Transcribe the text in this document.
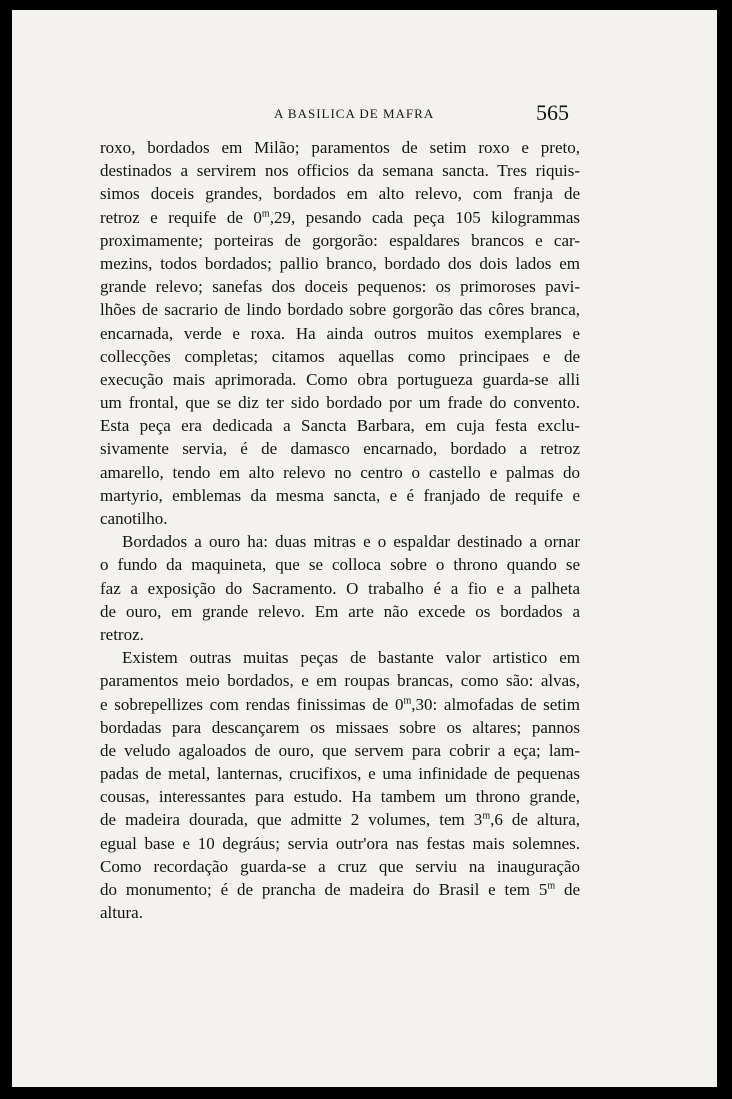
A BASILICA DE MAFRA	565
roxo, bordados em Milão; paramentos de setim roxo e preto,
destinados a servirem nos officios da semana sancta. Tres riquis-
simos doceis grandes, bordados em alto relevo, com franja de
retroz e requife de 0$^m$,29, pesando cada peça 105 kilogrammas
proximamente; porteiras de gorgorão: espaldares brancos e car-
mezins, todos bordados; pallio branco, bordado dos dois lados em
grande relevo; sanefas dos doceis pequenos: os primoroses pavi-
lhões de sacrario de lindo bordado sobre gorgorão das côres branca,
encarnada, verde e roxa. Ha ainda outros muitos exemplares e
collecções completas; citamos aquellas como principaes e de
execução mais aprimorada. Como obra portugueza guarda-se alli
um frontal, que se diz ter sido bordado por um frade do convento.
Esta peça era dedicada a Sancta Barbara, em cuja festa exclu-
sivamente servia, é de damasco encarnado, bordado a retroz
amarello, tendo em alto relevo no centro o castello e palmas do
martyrio, emblemas da mesma sancta, e é franjado de requife e
canotilho.
Bordados a ouro ha: duas mitras e o espaldar destinado a ornar
o fundo da maquineta, que se colloca sobre o throno quando se
faz a exposição do Sacramento. O trabalho é a fio e a palheta
de ouro, em grande relevo. Em arte não excede os bordados a
retroz.
Existem outras muitas peças de bastante valor artistico em
paramentos meio bordados, e em roupas brancas, como são: alvas,
e sobrepellizes com rendas finissimas de 0$^m$,30: almofadas de setim
bordadas para descançarem os missaes sobre os altares; pannos
de veludo agaloados de ouro, que servem para cobrir a eça; lam-
padas de metal, lanternas, crucifixos, e uma infinidade de pequenas
cousas, interessantes para estudo. Ha tambem um throno grande,
de madeira dourada, que admitte 2 volumes, tem 3$^m$,6 de altura,
egual base e 10 degráus; servia outr'ora nas festas mais solemnes.
Como recordação guarda-se a cruz que serviu na inauguração
do monumento; é de prancha de madeira do Brasil e tem 5$^m$ de
altura.
